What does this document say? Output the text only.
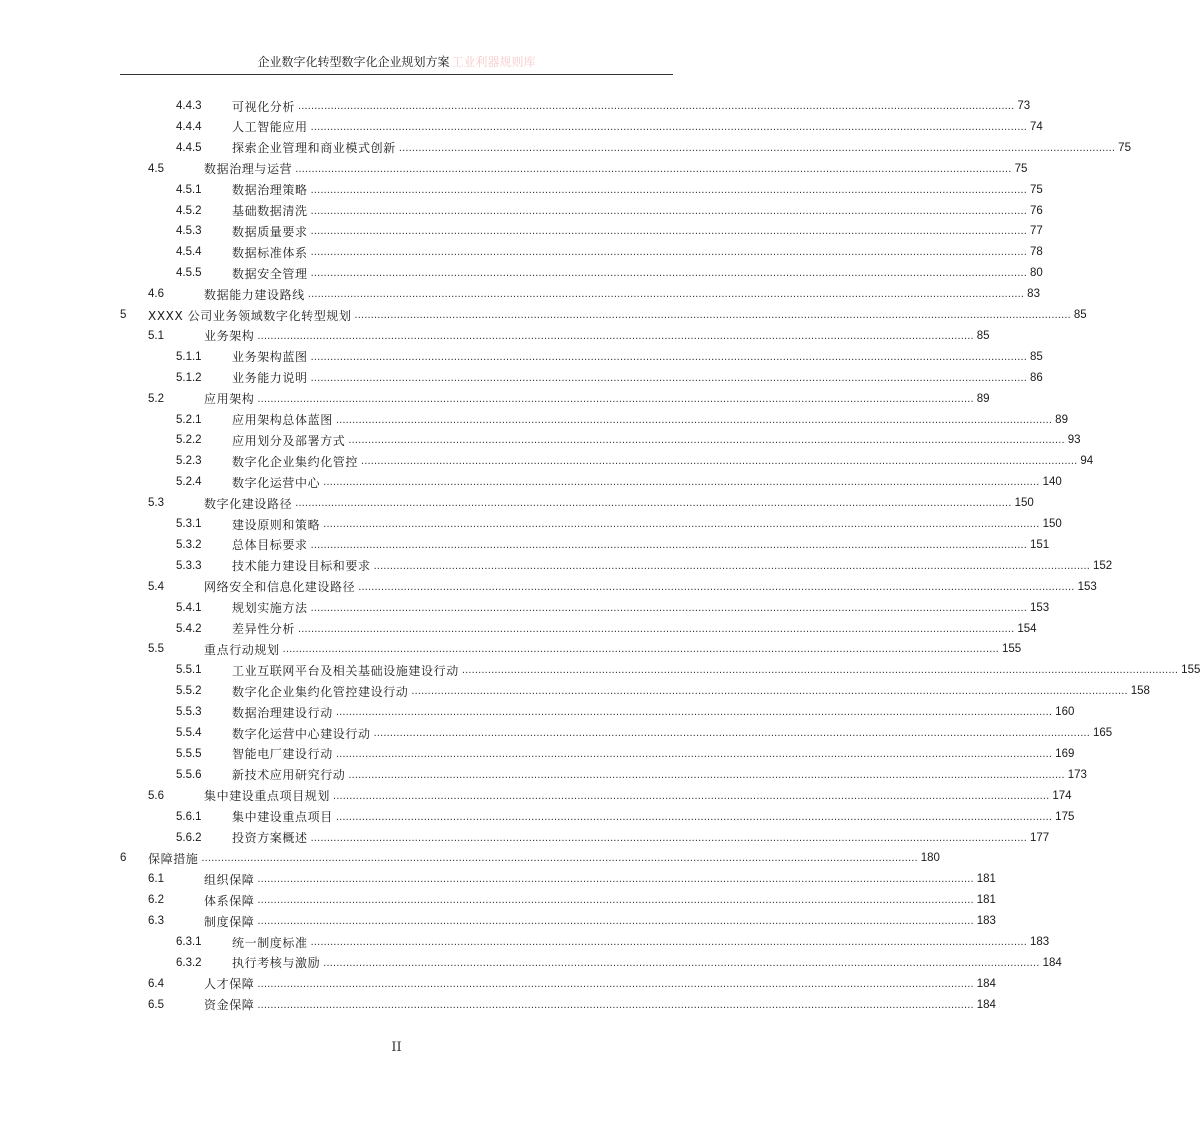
企业数字化转型数字化企业规划方案 工业利器规则库
4.4.3	可视化分析 ............................................................................................................................................................................................................................ 73
4.4.4	人工智能应用 ............................................................................................................................................................................................................................ 74
4.4.5	探索企业管理和商业模式创新 ............................................................................................................................................................................................................................ 75
4.5	数据治理与运营 ............................................................................................................................................................................................................................ 75
4.5.1	数据治理策略 ............................................................................................................................................................................................................................ 75
4.5.2	基础数据清洗 ............................................................................................................................................................................................................................ 76
4.5.3	数据质量要求 ............................................................................................................................................................................................................................ 77
4.5.4	数据标准体系 ............................................................................................................................................................................................................................ 78
4.5.5	数据安全管理 ............................................................................................................................................................................................................................ 80
4.6	数据能力建设路线 ............................................................................................................................................................................................................................ 83
5 XXXX 公司业务领域数字化转型规划 ............................................................................................................................................................................................................................ 85
5.1	业务架构 ............................................................................................................................................................................................................................ 85
5.1.1	业务架构蓝图 ............................................................................................................................................................................................................................ 85
5.1.2	业务能力说明 ............................................................................................................................................................................................................................ 86
5.2	应用架构 ............................................................................................................................................................................................................................ 89
5.2.1	应用架构总体蓝图 ............................................................................................................................................................................................................................ 89
5.2.2	应用划分及部署方式 ............................................................................................................................................................................................................................ 93
5.2.3	数字化企业集约化管控 ............................................................................................................................................................................................................................ 94
5.2.4	数字化运营中心 ............................................................................................................................................................................................................................ 140
5.3	数字化建设路径 ............................................................................................................................................................................................................................ 150
5.3.1	建设原则和策略 ............................................................................................................................................................................................................................ 150
5.3.2	总体目标要求 ............................................................................................................................................................................................................................ 151
5.3.3	技术能力建设目标和要求 ............................................................................................................................................................................................................................ 152
5.4	网络安全和信息化建设路径 ............................................................................................................................................................................................................................ 153
5.4.1	规划实施方法 ............................................................................................................................................................................................................................ 153
5.4.2	差异性分析 ............................................................................................................................................................................................................................ 154
5.5	重点行动规划 ............................................................................................................................................................................................................................ 155
5.5.1	工业互联网平台及相关基础设施建设行动 ............................................................................................................................................................................................................................ 155
5.5.2	数字化企业集约化管控建设行动 ............................................................................................................................................................................................................................ 158
5.5.3	数据治理建设行动 ............................................................................................................................................................................................................................ 160
5.5.4	数字化运营中心建设行动 ............................................................................................................................................................................................................................ 165
5.5.5	智能电厂建设行动 ............................................................................................................................................................................................................................ 169
5.5.6	新技术应用研究行动 ............................................................................................................................................................................................................................ 173
5.6	集中建设重点项目规划 ............................................................................................................................................................................................................................ 174
5.6.1	集中建设重点项目 ............................................................................................................................................................................................................................ 175
5.6.2	投资方案概述 ............................................................................................................................................................................................................................ 177
6 保障措施 ............................................................................................................................................................................................................................ 180
6.1	组织保障 ............................................................................................................................................................................................................................ 181
6.2	体系保障 ............................................................................................................................................................................................................................ 181
6.3	制度保障 ............................................................................................................................................................................................................................ 183
6.3.1	统一制度标准 ............................................................................................................................................................................................................................ 183
6.3.2	执行考核与激励 ............................................................................................................................................................................................................................ 184
6.4	人才保障 ............................................................................................................................................................................................................................ 184
6.5	资金保障 ............................................................................................................................................................................................................................ 184
II
